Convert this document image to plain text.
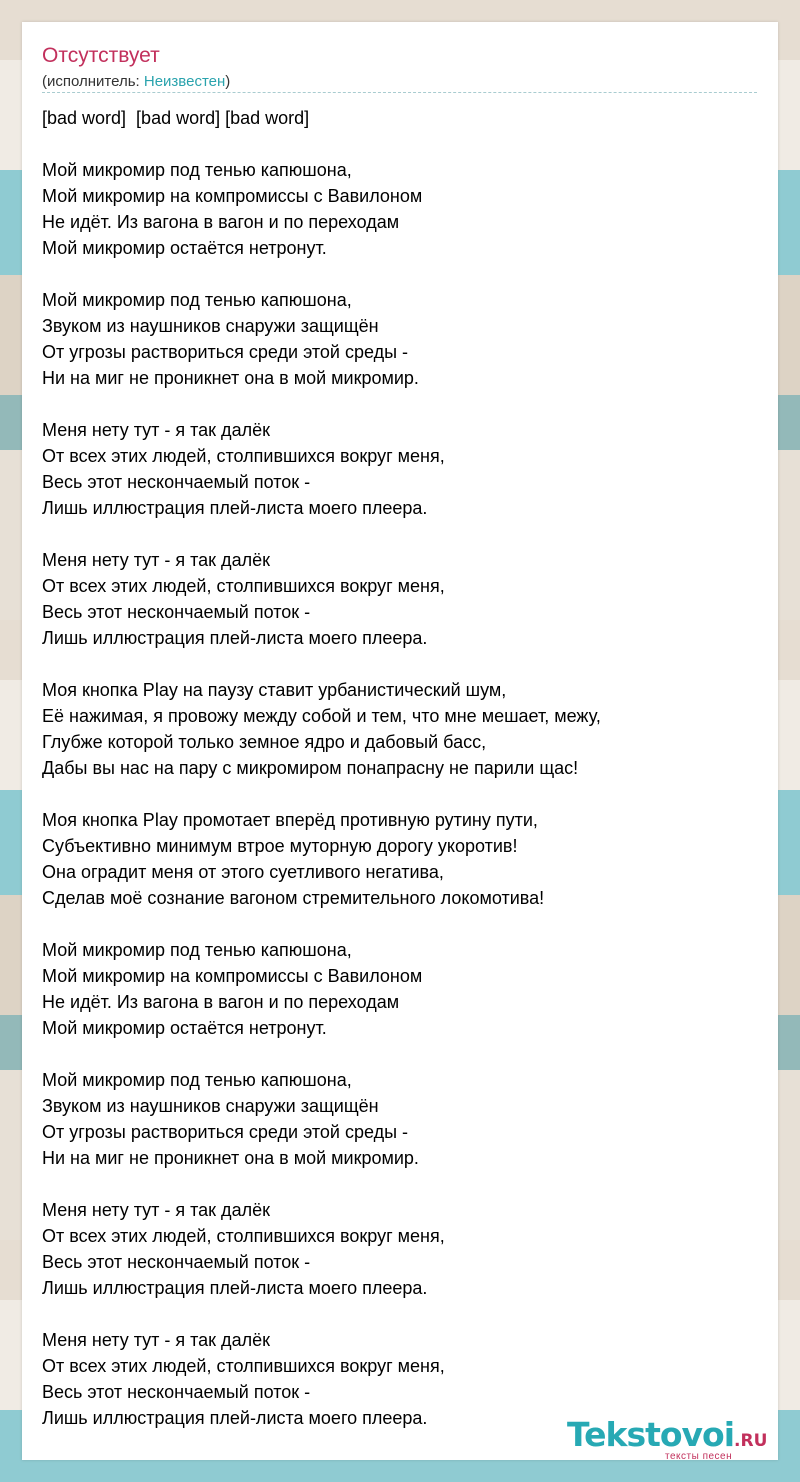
Отсутствует
(исполнитель: Неизвестен)
[bad word]  [bad word] [bad word]
Мой микромир под тенью капюшона,
Мой микромир на компромиссы с Вавилоном
Не идёт. Из вагона в вагон и по переходам
Мой микромир остаётся нетронут.
Мой микромир под тенью капюшона,
Звуком из наушников снаружи защищён
От угрозы раствориться среди этой среды -
Ни на миг не проникнет она в мой микромир.
Меня нету тут - я так далёк
От всех этих людей, столпившихся вокруг меня,
Весь этот нескончаемый поток -
Лишь иллюстрация плей-листа моего плеера.
Меня нету тут - я так далёк
От всех этих людей, столпившихся вокруг меня,
Весь этот нескончаемый поток -
Лишь иллюстрация плей-листа моего плеера.
Моя кнопка Play на паузу ставит урбанистический шум,
Её нажимая, я провожу между собой и тем, что мне мешает, межу,
Глубже которой только земное ядро и дабовый басс,
Дабы вы нас на пару с микромиром понапрасну не парили щас!
Моя кнопка Play промотает вперёд противную рутину пути,
Субъективно минимум втрое муторную дорогу укоротив!
Она оградит меня от этого суетливого негатива,
Сделав моё сознание вагоном стремительного локомотива!
Мой микромир под тенью капюшона,
Мой микромир на компромиссы с Вавилоном
Не идёт. Из вагона в вагон и по переходам
Мой микромир остаётся нетронут.
Мой микромир под тенью капюшона,
Звуком из наушников снаружи защищён
От угрозы раствориться среди этой среды -
Ни на миг не проникнет она в мой микромир.
Меня нету тут - я так далёк
От всех этих людей, столпившихся вокруг меня,
Весь этот нескончаемый поток -
Лишь иллюстрация плей-листа моего плеера.
Меня нету тут - я так далёк
От всех этих людей, столпившихся вокруг меня,
Весь этот нескончаемый поток -
Лишь иллюстрация плей-листа моего плеера.	Tekstovoi.RU
тексты песен
